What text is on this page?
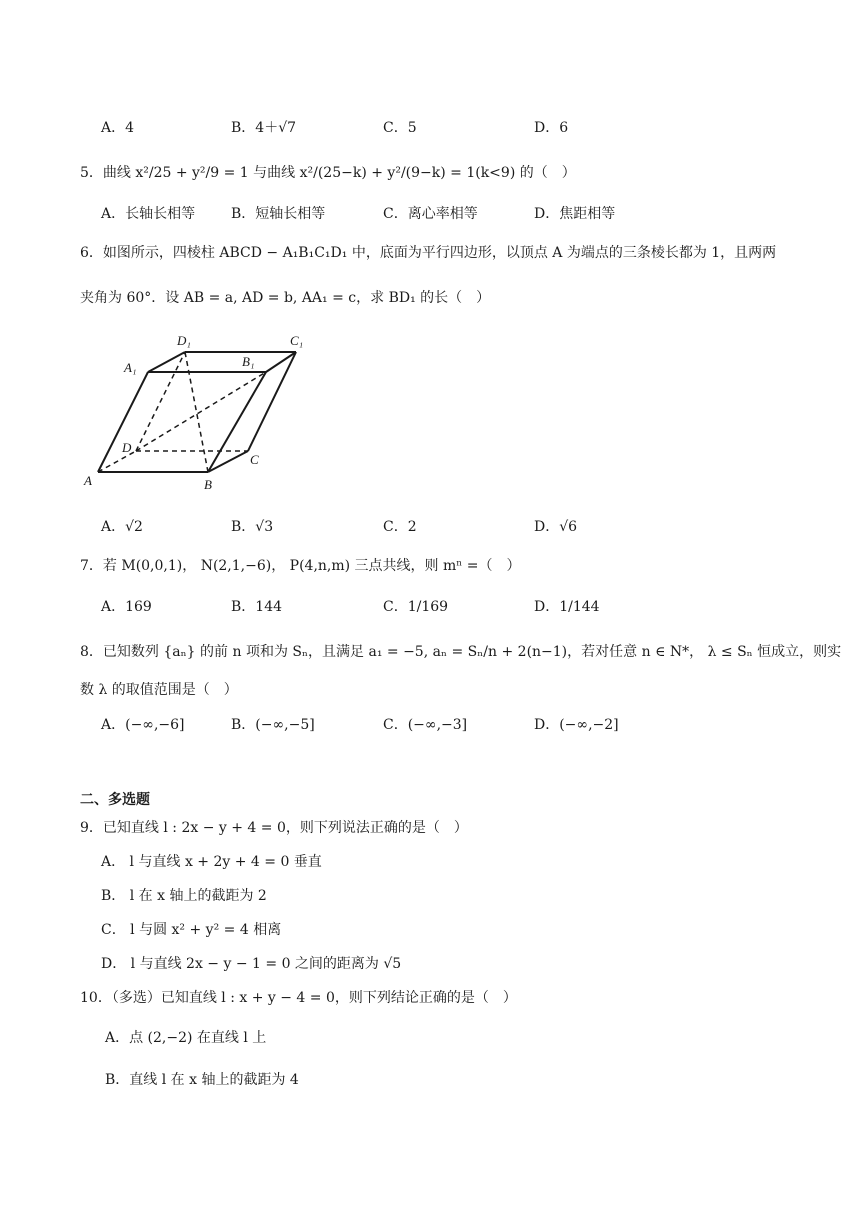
A．4	B．4＋√7	C．5	D．6
5．曲线 x²/25 + y²/9 = 1 与曲线 x²/(25−k) + y²/(9−k) = 1(k<9) 的（　）
A．长轴长相等	B．短轴长相等	C．离心率相等	D．焦距相等
6．如图所示，四棱柱 ABCD − A₁B₁C₁D₁ 中，底面为平行四边形，以顶点 A 为端点的三条棱长都为 1，且两两
夹角为 60°．设 AB = a, AD = b, AA₁ = c，求 BD₁ 的长（　）
D₁	C₁
A₁	B₁
D
C
A	B
A．√2	B．√3	C．2	D．√6
7．若 M(0,0,1)， N(2,1,−6)， P(4,n,m) 三点共线，则 mⁿ =（　）
A．169	B．144	C．1/169	D．1/144
8．已知数列 {aₙ} 的前 n 项和为 Sₙ，且满足 a₁ = −5, aₙ = Sₙ/n + 2(n−1)，若对任意 n ∈ N*， λ ≤ Sₙ 恒成立，则实
数 λ 的取值范围是（　）
A．(−∞,−6]	B．(−∞,−5]	C．(−∞,−3]	D．(−∞,−2]
二、多选题
9．已知直线 l : 2x − y + 4 = 0，则下列说法正确的是（　）
A． l 与直线 x + 2y + 4 = 0 垂直
B． l 在 x 轴上的截距为 2
C． l 与圆 x² + y² = 4 相离
D． l 与直线 2x − y − 1 = 0 之间的距离为 √5
10．（多选）已知直线 l : x + y − 4 = 0，则下列结论正确的是（　）
A．点 (2,−2) 在直线 l 上
B．直线 l 在 x 轴上的截距为 4
